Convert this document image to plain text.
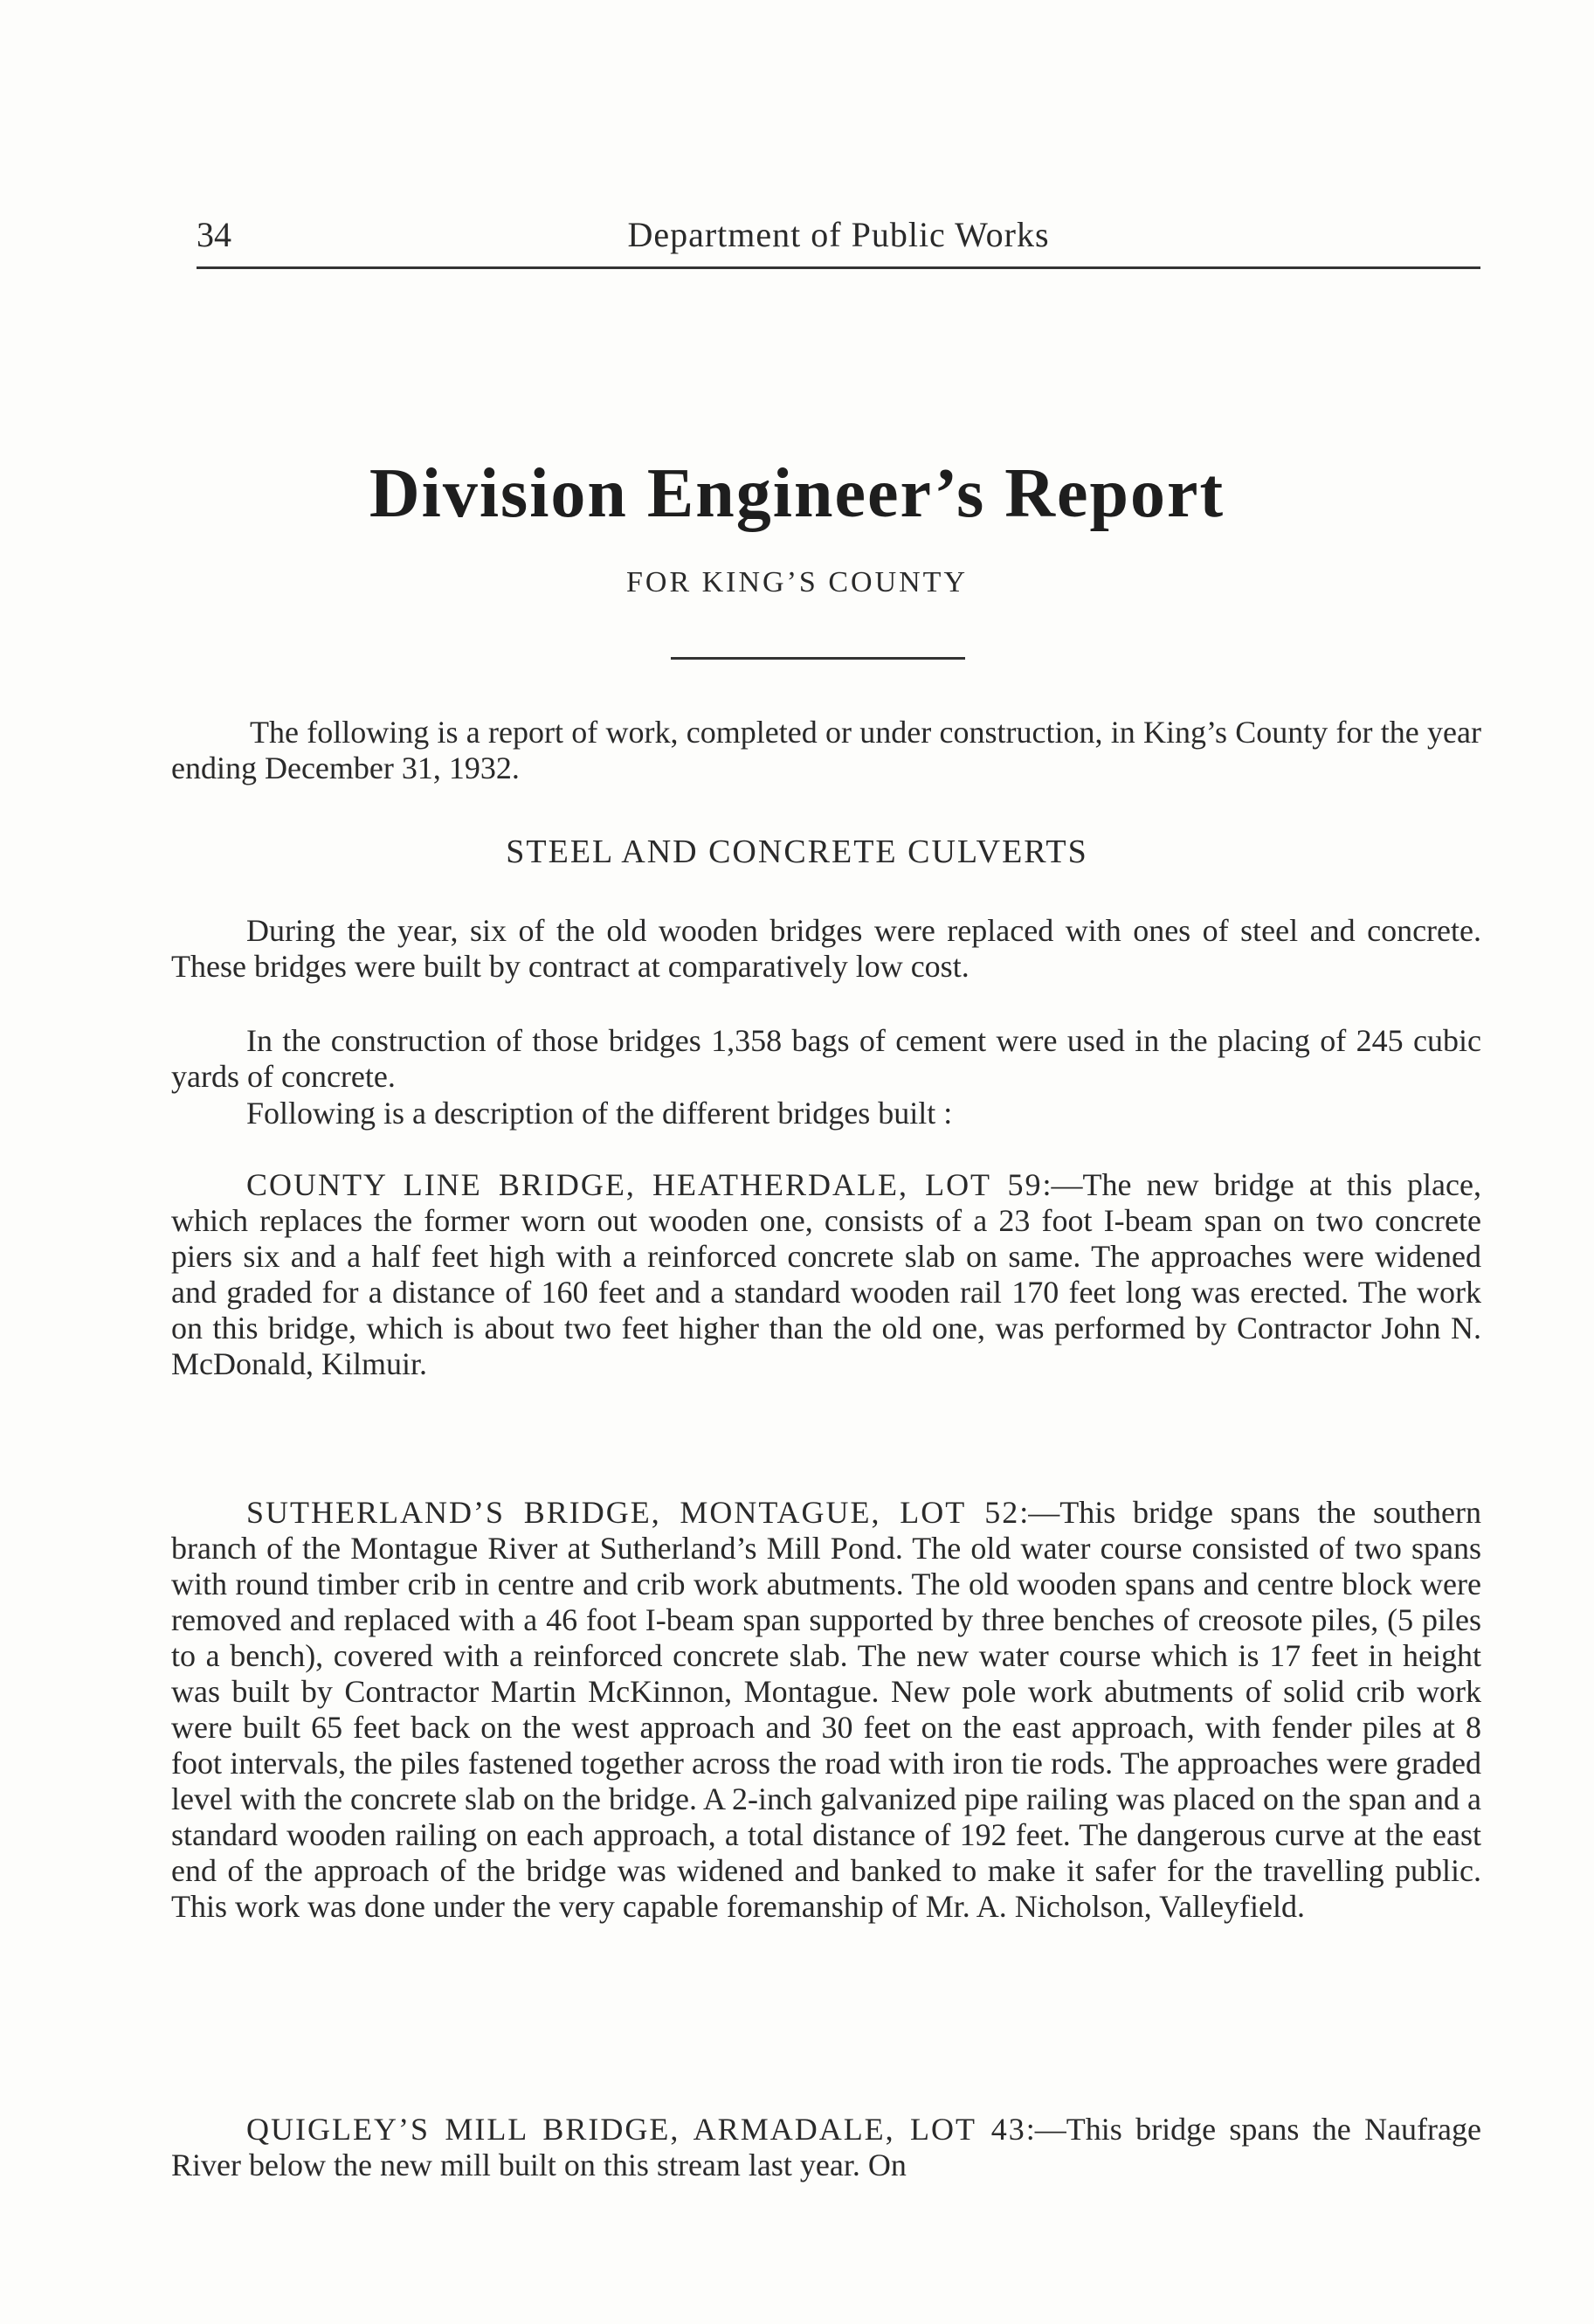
34	Department of Public Works
Division Engineer’s Report
FOR KING’S COUNTY

The following is a report of work, completed or under construction, in King’s County for the year ending December 31, 1932.

STEEL AND CONCRETE CULVERTS

During the year, six of the old wooden bridges were replaced with ones of steel and concrete. These bridges were built by contract at comparatively low cost.

In the construction of those bridges 1,358 bags of cement were used in the placing of 245 cubic yards of concrete.

Following is a description of the different bridges built :

COUNTY LINE BRIDGE, HEATHERDALE, LOT 59:—The new bridge at this place, which replaces the former worn out wooden one, consists of a 23 foot I-beam span on two concrete piers six and a half feet high with a reinforced concrete slab on same. The approaches were widened and graded for a distance of 160 feet and a standard wooden rail 170 feet long was erected. The work on this bridge, which is about two feet higher than the old one, was performed by Contractor John N. McDonald, Kilmuir.

SUTHERLAND’S BRIDGE, MONTAGUE, LOT 52:—This bridge spans the southern branch of the Montague River at Sutherland’s Mill Pond. The old water course consisted of two spans with round timber crib in centre and crib work abutments. The old wooden spans and centre block were removed and replaced with a 46 foot I-beam span supported by three benches of creosote piles, (5 piles to a bench), covered with a reinforced concrete slab. The new water course which is 17 feet in height was built by Contractor Martin McKinnon, Montague. New pole work abutments of solid crib work were built 65 feet back on the west approach and 30 feet on the east approach, with fender piles at 8 foot intervals, the piles fastened together across the road with iron tie rods. The approaches were graded level with the concrete slab on the bridge. A 2-inch galvanized pipe railing was placed on the span and a standard wooden railing on each approach, a total distance of 192 feet. The dangerous curve at the east end of the approach of the bridge was widened and banked to make it safer for the travelling public. This work was done under the very capable foremanship of Mr. A. Nicholson, Valleyfield.

QUIGLEY’S MILL BRIDGE, ARMADALE, LOT 43:—This bridge spans the Naufrage River below the new mill built on this stream last year. On
